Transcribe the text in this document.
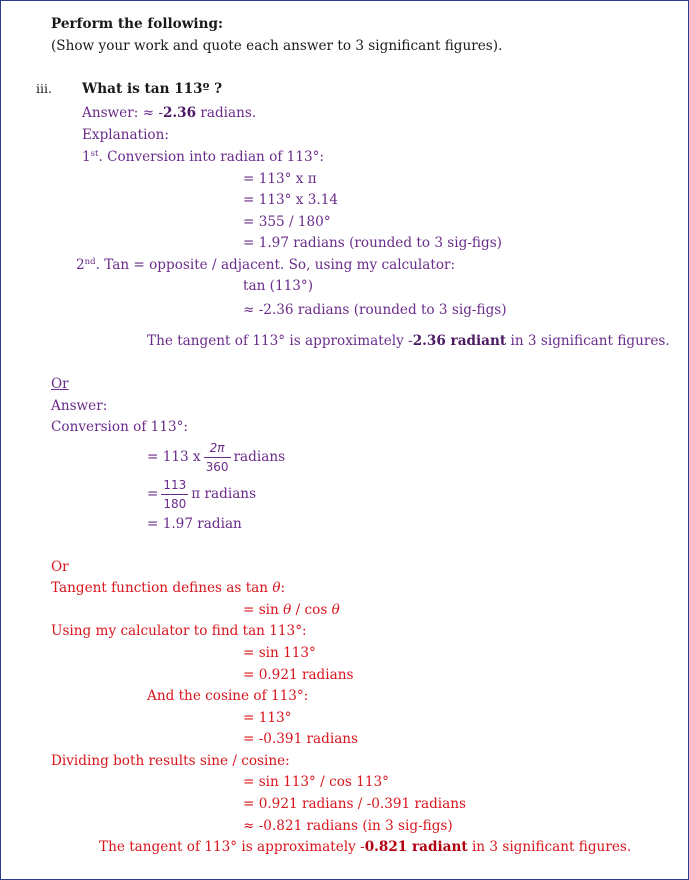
Perform the following:
(Show your work and quote each answer to 3 significant figures).
iii. What is tan 113º ?
Answer: ≈ -2.36 radians.
Explanation:
1st. Conversion into radian of 113°:
= 113° x π
= 113° x 3.14
= 355 / 180°
= 1.97 radians (rounded to 3 sig-figs)
2nd. Tan = opposite / adjacent. So, using my calculator:
tan (113°)
≈ -2.36 radians (rounded to 3 sig-figs)
The tangent of 113° is approximately -2.36 radiant in 3 significant figures.
Or
Answer:
Conversion of 113°:
= 113 x $\frac{2\pi}{360}$ radians
= $\frac{113}{180}$ π radians
= 1.97 radian
Or
Tangent function defines as tan θ:
= sin θ / cos θ
Using my calculator to find tan 113°:
= sin 113°
= 0.921 radians
And the cosine of 113°:
= 113°
= -0.391 radians
Dividing both results sine / cosine:
= sin 113° / cos 113°
= 0.921 radians / -0.391 radians
≈ -0.821 radians (in 3 sig-figs)
The tangent of 113° is approximately -0.821 radiant in 3 significant figures.
